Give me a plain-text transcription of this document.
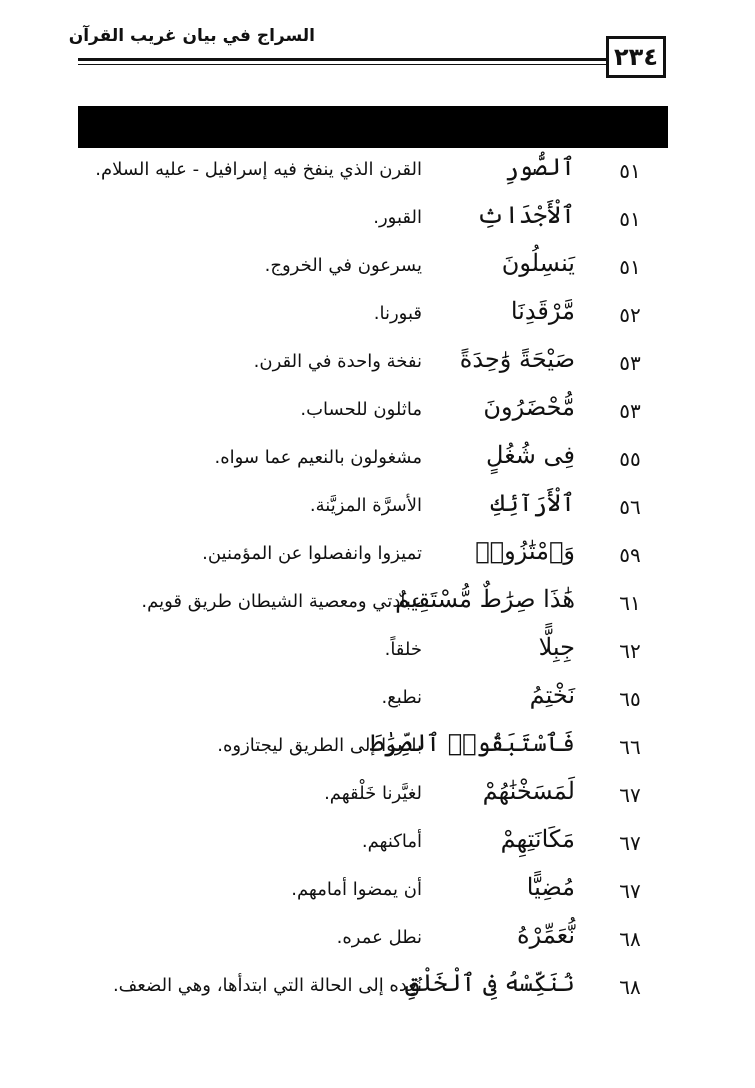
السراج في بيان غريب القرآن
٢٣٤
٥١
ٱلصُّورِ
القرن الذي ينفخ فيه إسرافيل - عليه السلام.
٥١
ٱلْأَجْدَاثِ
القبور.
٥١
يَنسِلُونَ
يسرعون في الخروج.
٥٢
مَّرْقَدِنَا
قبورنا.
٥٣
صَيْحَةً وَٰحِدَةً
نفخة واحدة في القرن.
٥٣
مُّحْضَرُونَ
ماثلون للحساب.
٥٥
فِى شُغُلٍ
مشغولون بالنعيم عما سواه.
٥٦
ٱلْأَرَآئِكِ
الأسرَّة المزيَّنة.
٥٩
وَٱمْتَٰزُوا۟
تميزوا وانفصلوا عن المؤمنين.
٦١
هَٰذَا صِرَٰطٌ مُّسْتَقِيمٌ
عبادتي ومعصية الشيطان طريق قويم.
٦٢
جِبِلًّا
خلقاً.
٦٥
نَخْتِمُ
نطبع.
٦٦
فَٱسْتَبَقُوا۟ ٱلصِّرَٰطَ
بادروا إلى الطريق ليجتازوه.
٦٧
لَمَسَخْنَٰهُمْ
لغيَّرنا خَلْقهم.
٦٧
مَكَانَتِهِمْ
أماكنهم.
٦٧
مُضِيًّا
أن يمضوا أمامهم.
٦٨
نُّعَمِّرْهُ
نطل عمره.
٦٨
نُنَكِّسْهُ فِى ٱلْخَلْقِ
نُعِده إلى الحالة التي ابتدأها، وهي الضعف.
